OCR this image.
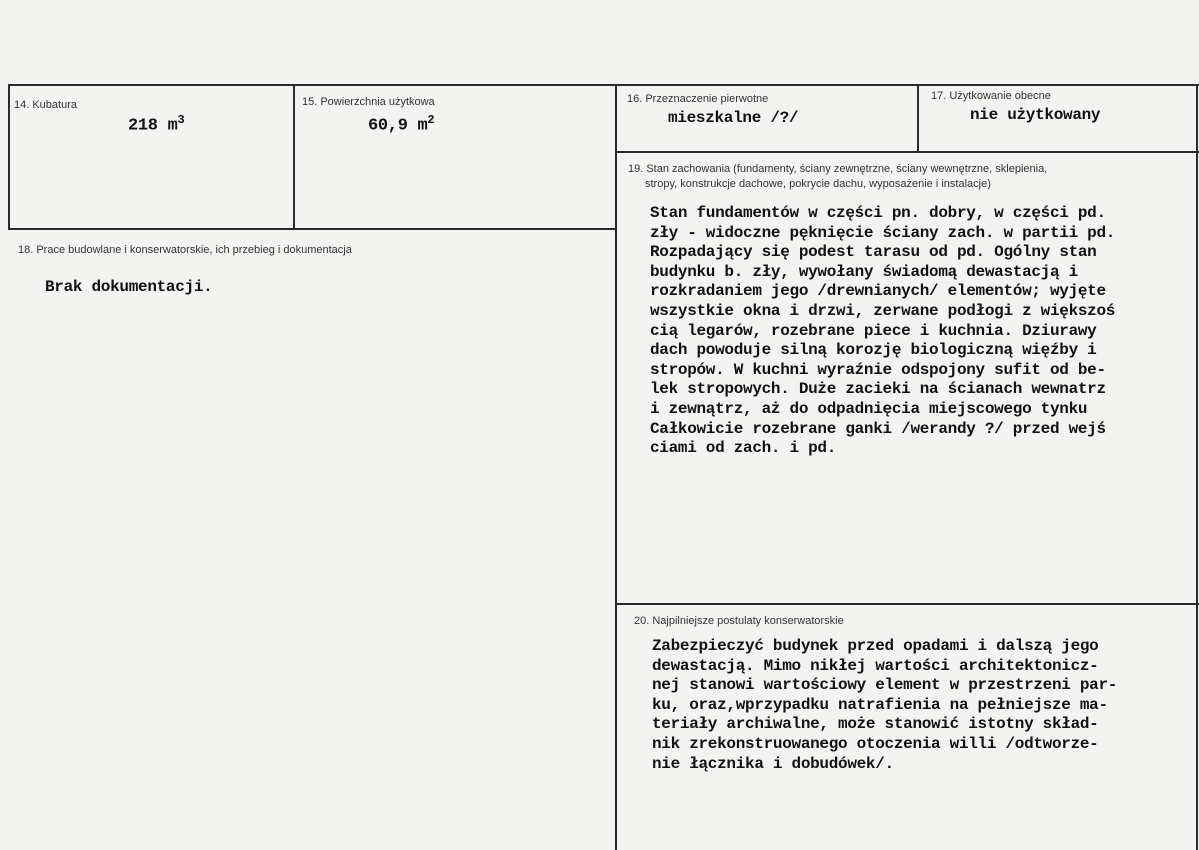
14. Kubatura
218 $m^3$
15. Powierzchnia użytkowa
60,9 $m^2$
16. Przeznaczenie pierwotne
mieszkalne /?/
17. Użytkowanie obecne
nie użytkowany
18. Prace budowlane i konserwatorskie, ich przebieg i dokumentacja
Brak dokumentacji.
19. Stan zachowania (fundamenty, ściany zewnętrzne, ściany wewnętrzne, sklepienia,
stropy, konstrukcje dachowe, pokrycie dachu, wyposażenie i instalacje)
Stan fundamentów w części pn. dobry, w części pd.
zły - widoczne pęknięcie ściany zach. w partii pd.
Rozpadający się podest tarasu od pd. Ogólny stan
budynku b. zły, wywołany świadomą dewastacją i
rozkradaniem jego /drewnianych/ elementów; wyjęte
wszystkie okna i drzwi, zerwane podłogi z większoś
cią legarów, rozebrane piece i kuchnia. Dziurawy
dach powoduje silną korozję biologiczną więźby i
stropów. W kuchni wyraźnie odspojony sufit od be-
lek stropowych. Duże zacieki na ścianach wewnatrz
i zewnątrz, aż do odpadnięcia miejscowego tynku
Całkowicie rozebrane ganki /werandy ?/ przed wejś
ciami od zach. i pd.
20. Najpilniejsze postulaty konserwatorskie
Zabezpieczyć budynek przed opadami i dalszą jego
dewastacją. Mimo nikłej wartości architektonicz-
nej stanowi wartościowy element w przestrzeni par-
ku, oraz,wprzypadku natrafienia na pełniejsze ma-
teriały archiwalne, może stanowić istotny skład-
nik zrekonstruowanego otoczenia willi /odtworze-
nie łącznika i dobudówek/.
